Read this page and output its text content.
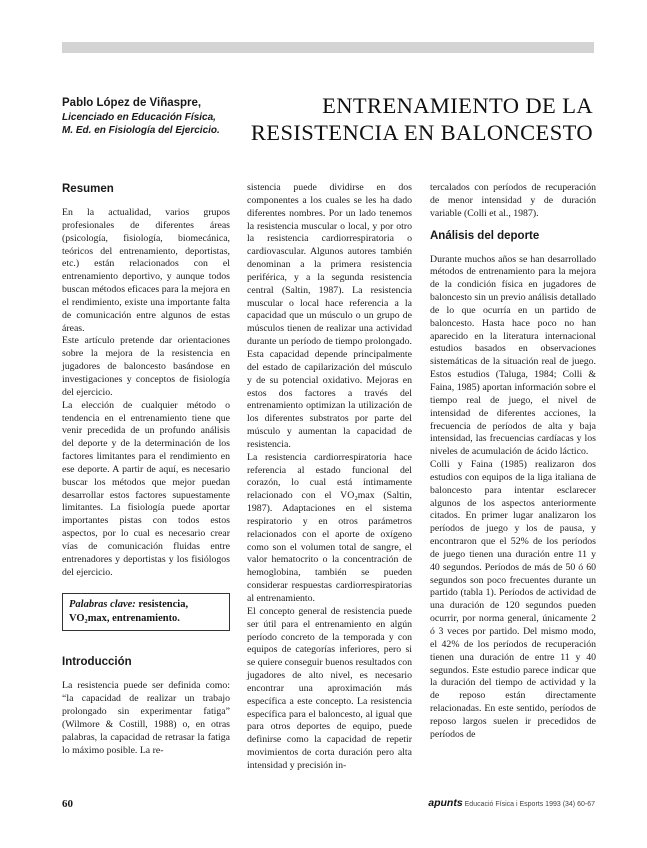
Pablo López de Viñaspre,
Licenciado en Educación Física,
M. Ed. en Fisiología del Ejercicio.
ENTRENAMIENTO DE LA
RESISTENCIA EN BALONCESTO
Resumen

En la actualidad, varios grupos profesionales de diferentes áreas (psicología, fisiología, biomecánica, teóricos del entrenamiento, deportistas, etc.) están relacionados con el entrenamiento deportivo, y aunque todos buscan métodos eficaces para la mejora en el rendimiento, existe una importante falta de comunicación entre algunos de estas áreas.

Este artículo pretende dar orientaciones sobre la mejora de la resistencia en jugadores de baloncesto basándose en investigaciones y conceptos de fisiología del ejercicio.

La elección de cualquier método o tendencia en el entrenamiento tiene que venir precedida de un profundo análisis del deporte y de la determinación de los factores limitantes para el rendimiento en ese deporte. A partir de aquí, es necesario buscar los métodos que mejor puedan desarrollar estos factores supuestamente limitantes. La fisiología puede aportar importantes pistas con todos estos aspectos, por lo cual es necesario crear vías de comunicación fluidas entre entrenadores y deportistas y los fisiólogos del ejercicio.

Palabras clave: resistencia, VO₂max, entrenamiento.
Introducción

La resistencia puede ser definida como: “la capacidad de realizar un trabajo prolongado sin experimentar fatiga” (Wilmore & Costill, 1988) o, en otras palabras, la capacidad de retrasar la fatiga lo máximo posible. La re-

sistencia puede dividirse en dos componentes a los cuales se les ha dado diferentes nombres. Por un lado tenemos la resistencia muscular o local, y por otro la resistencia cardiorrespiratoria o cardiovascular. Algunos autores también denominan a la primera resistencia periférica, y a la segunda resistencia central (Saltin, 1987). La resistencia muscular o local hace referencia a la capacidad que un músculo o un grupo de músculos tienen de realizar una actividad durante un período de tiempo prolongado. Esta capacidad depende principalmente del estado de capilarización del músculo y de su potencial oxidativo. Mejoras en estos dos factores a través del entrenamiento optimizan la utilización de los diferentes substratos por parte del músculo y aumentan la capacidad de resistencia.

La resistencia cardiorrespiratoria hace referencia al estado funcional del corazón, lo cual está íntimamente relacionado con el VO₂max (Saltin, 1987). Adaptaciones en el sistema respiratorio y en otros parámetros relacionados con el aporte de oxígeno como son el volumen total de sangre, el valor hematocrito o la concentración de hemoglobina, también se pueden considerar respuestas cardiorrespiratorias al entrenamiento.

El concepto general de resistencia puede ser útil para el entrenamiento en algún período concreto de la temporada y con equipos de categorías inferiores, pero si se quiere conseguir buenos resultados con jugadores de alto nivel, es necesario encontrar una aproximación más específica a este concepto. La resistencia específica para el baloncesto, al igual que para otros deportes de equipo, puede definirse como la capacidad de repetir movimientos de corta duración pero alta intensidad y precisión in-

tercalados con períodos de recuperación de menor intensidad y de duración variable (Colli et al., 1987).

Análisis del deporte

Durante muchos años se han desarrollado métodos de entrenamiento para la mejora de la condición física en jugadores de baloncesto sin un previo análisis detallado de lo que ocurría en un partido de baloncesto. Hasta hace poco no han aparecido en la literatura internacional estudios basados en observaciones sistemáticas de la situación real de juego. Estos estudios (Taluga, 1984; Colli & Faina, 1985) aportan información sobre el tiempo real de juego, el nivel de intensidad de diferentes acciones, la frecuencia de períodos de alta y baja intensidad, las frecuencias cardíacas y los niveles de acumulación de ácido láctico.

Colli y Faina (1985) realizaron dos estudios con equipos de la liga italiana de baloncesto para intentar esclarecer algunos de los aspectos anteriormente citados. En primer lugar analizaron los períodos de juego y los de pausa, y encontraron que el 52% de los períodos de juego tienen una duración entre 11 y 40 segundos. Períodos de más de 50 ó 60 segundos son poco frecuentes durante un partido (tabla 1). Períodos de actividad de una duración de 120 segundos pueden ocurrir, por norma general, únicamente 2 ó 3 veces por partido. Del mismo modo, el 42% de los períodos de recuperación tienen una duración de entre 11 y 40 segundos. Este estudio parece indicar que la duración del tiempo de actividad y la de reposo están directamente relacionadas. En este sentido, períodos de reposo largos suelen ir precedidos de períodos de

60	apunts Educació Física i Esports 1993 (34) 60-67
